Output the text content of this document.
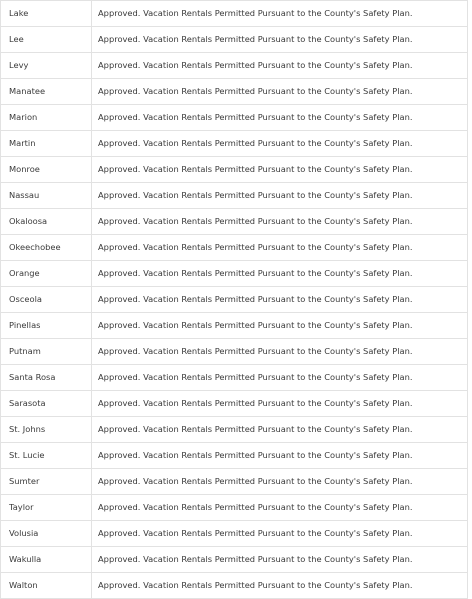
Lake	Approved. Vacation Rentals Permitted Pursuant to the County's Safety Plan.
Lee	Approved. Vacation Rentals Permitted Pursuant to the County's Safety Plan.
Levy	Approved. Vacation Rentals Permitted Pursuant to the County's Safety Plan.
Manatee	Approved. Vacation Rentals Permitted Pursuant to the County's Safety Plan.
Marion	Approved. Vacation Rentals Permitted Pursuant to the County's Safety Plan.
Martin	Approved. Vacation Rentals Permitted Pursuant to the County's Safety Plan.
Monroe	Approved. Vacation Rentals Permitted Pursuant to the County's Safety Plan.
Nassau	Approved. Vacation Rentals Permitted Pursuant to the County's Safety Plan.
Okaloosa	Approved. Vacation Rentals Permitted Pursuant to the County's Safety Plan.
Okeechobee	Approved. Vacation Rentals Permitted Pursuant to the County's Safety Plan.
Orange	Approved. Vacation Rentals Permitted Pursuant to the County's Safety Plan.
Osceola	Approved. Vacation Rentals Permitted Pursuant to the County's Safety Plan.
Pinellas	Approved. Vacation Rentals Permitted Pursuant to the County's Safety Plan.
Putnam	Approved. Vacation Rentals Permitted Pursuant to the County's Safety Plan.
Santa Rosa	Approved. Vacation Rentals Permitted Pursuant to the County's Safety Plan.
Sarasota	Approved. Vacation Rentals Permitted Pursuant to the County's Safety Plan.
St. Johns	Approved. Vacation Rentals Permitted Pursuant to the County's Safety Plan.
St. Lucie	Approved. Vacation Rentals Permitted Pursuant to the County's Safety Plan.
Sumter	Approved. Vacation Rentals Permitted Pursuant to the County's Safety Plan.
Taylor	Approved. Vacation Rentals Permitted Pursuant to the County's Safety Plan.
Volusia	Approved. Vacation Rentals Permitted Pursuant to the County's Safety Plan.
Wakulla	Approved. Vacation Rentals Permitted Pursuant to the County's Safety Plan.
Walton	Approved. Vacation Rentals Permitted Pursuant to the County's Safety Plan.
